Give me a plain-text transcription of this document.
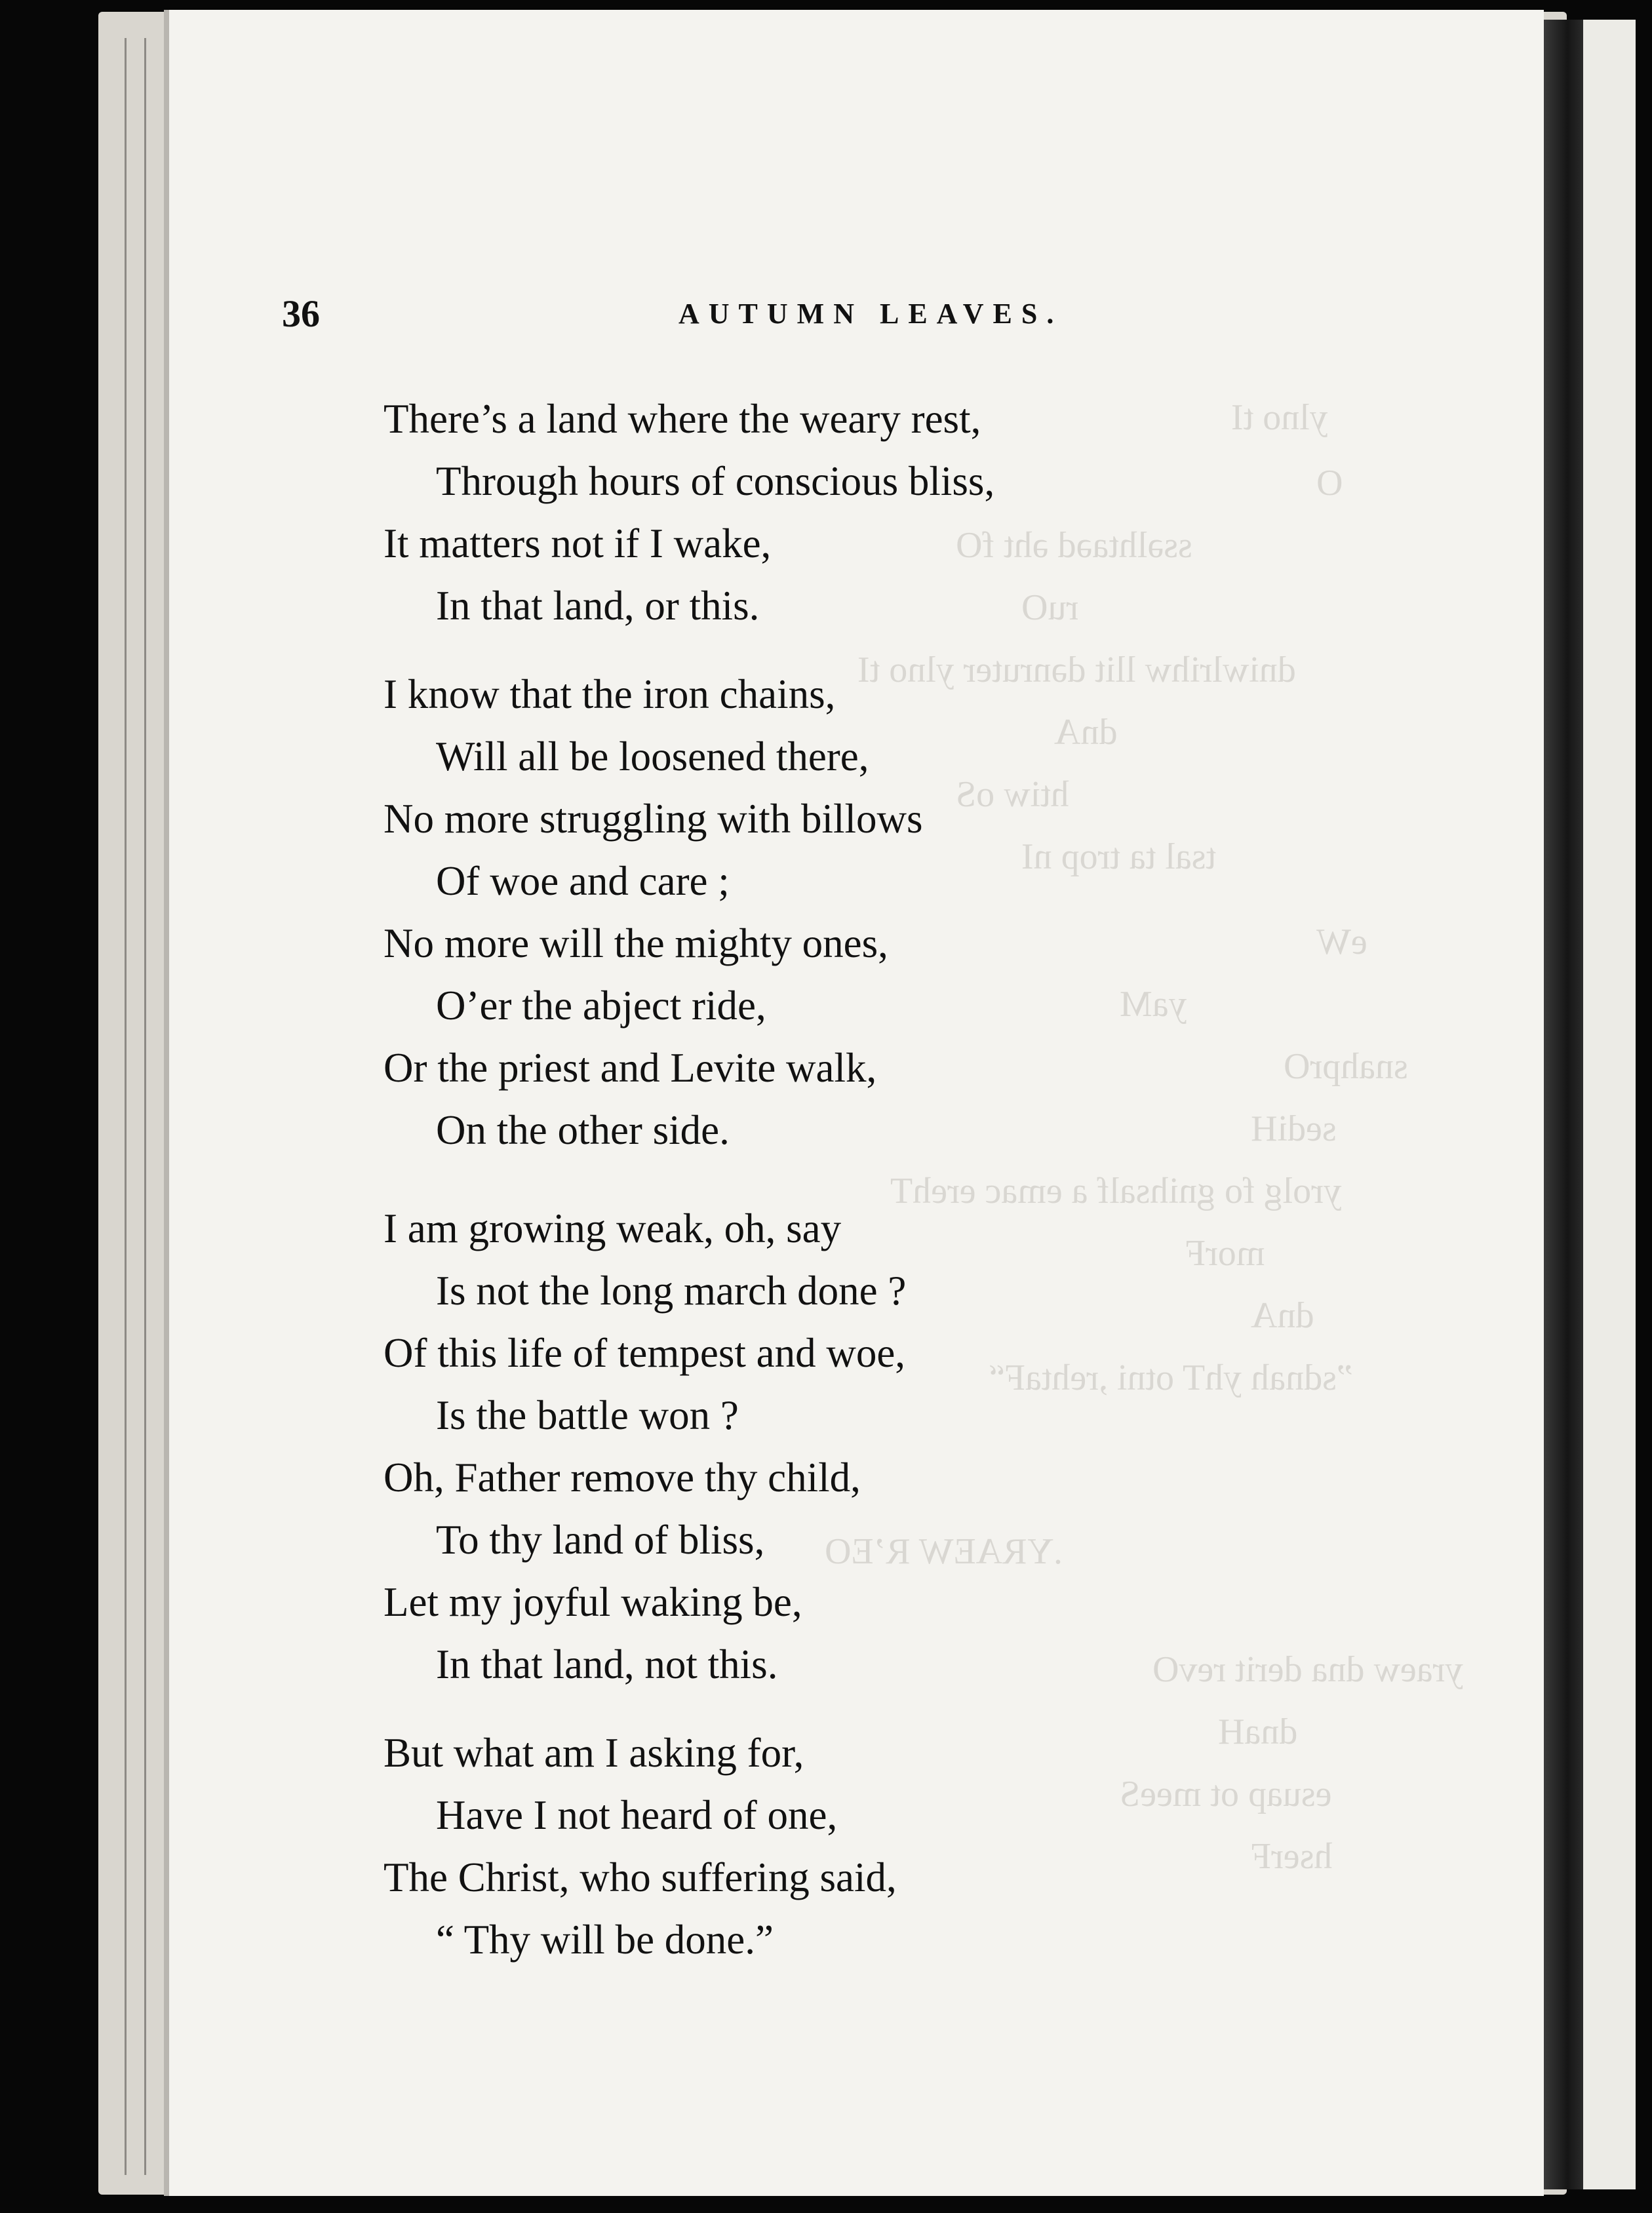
ylno tI
O
ssəlhtaəd əht fO
ruO
dniwlrihw llit dənruter ylno tI
dnA
htiw oS
tsal ta trop nI
eW
yaM
snahprO
sediH
yrolg fo gnihsalf a emac erehT
morF
dnA
”sdnah yhT otni ,rehtaF“
.YRAEW R’EO
yraew dna derit revO
dnaH
esuap ot meeS
hserF
36	AUTUMN LEAVES.
There’s a land where the weary rest,
Through hours of conscious bliss,
It matters not if I wake,
In that land, or this.
I know that the iron chains,
Will all be loosened there,
No more struggling with billows
Of woe and care ;
No more will the mighty ones,
O’er the abject ride,
Or the priest and Levite walk,
On the other side.
I am growing weak, oh, say
Is not the long march done ?
Of this life of tempest and woe,
Is the battle won ?
Oh, Father remove thy child,
To thy land of bliss,
Let my joyful waking be,
In that land, not this.
But what am I asking for,
Have I not heard of one,
The Christ, who suffering said,
“ Thy will be done.”
